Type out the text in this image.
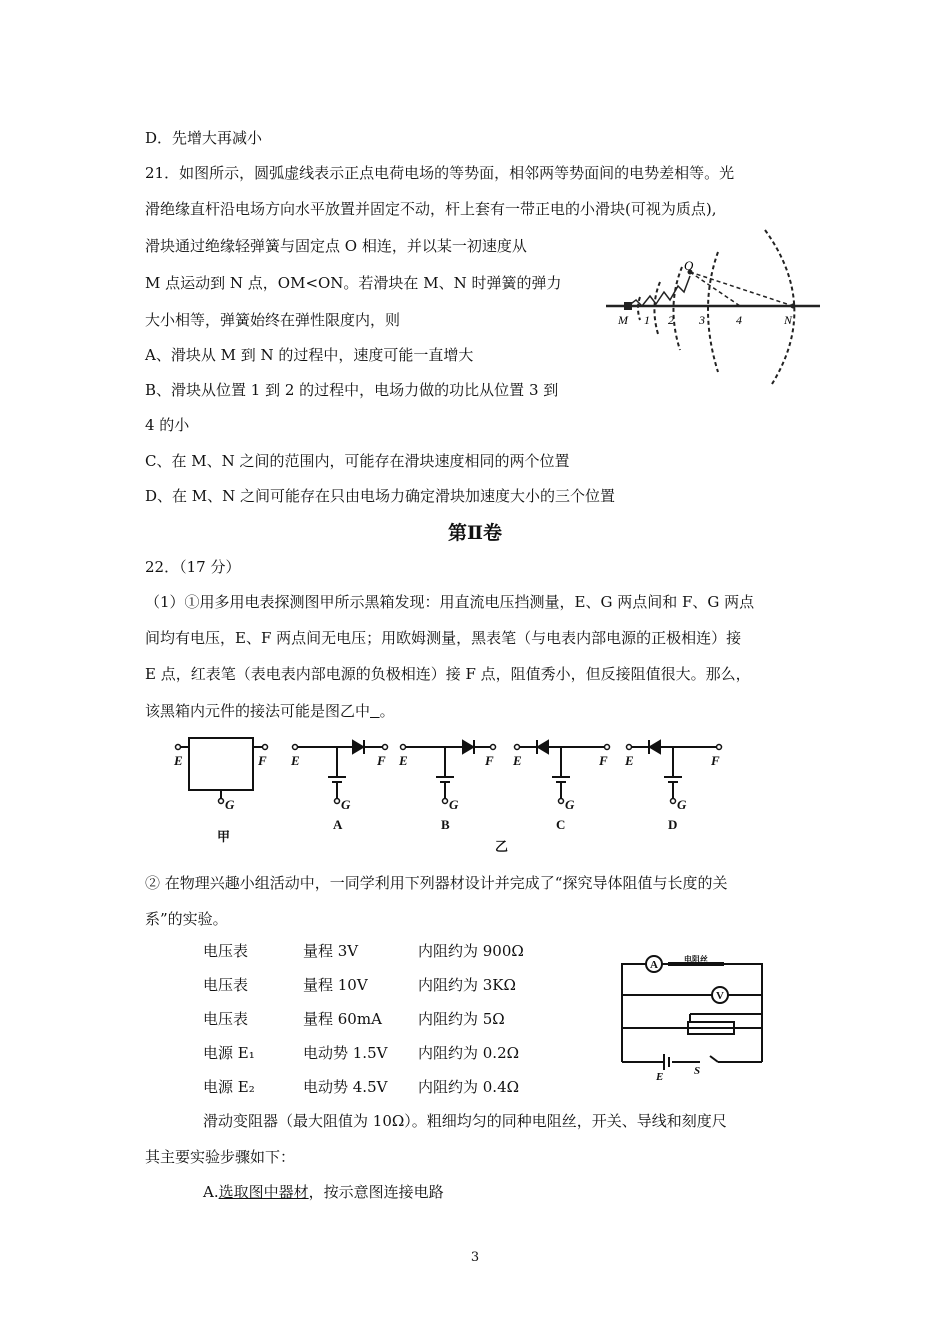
D．先增大再减小
21．如图所示，圆弧虚线表示正点电荷电场的等势面，相邻两等势面间的电势差相等。光
滑绝缘直杆沿电场方向水平放置并固定不动，杆上套有一带正电的小滑块(可视为质点),
滑块通过绝缘轻弹簧与固定点 O 相连，并以某一初速度从
M 点运动到 N 点，OM<ON。若滑块在 M、N 时弹簧的弹力
大小相等，弹簧始终在弹性限度内，则
A、滑块从 M 到 N 的过程中，速度可能一直增大
B、滑块从位置 1 到 2 的过程中，电场力做的功比从位置 3 到
4 的小
C、在 M、N 之间的范围内，可能存在滑块速度相同的两个位置
D、在 M、N 之间可能存在只由电场力确定滑块加速度大小的三个位置
O
M 1 2 3	4	N
第Ⅱ卷
22．（17 分）
（1）①用多用电表探测图甲所示黑箱发现：用直流电压挡测量，E、G 两点间和 F、G 两点
间均有电压，E、F 两点间无电压；用欧姆测量，黑表笔（与电表内部电源的正极相连）接
E 点，红表笔（表电表内部电源的负极相连）接 F 点，阻值秀小，但反接阻值很大。那么，
该黑箱内元件的接法可能是图乙中 。
E	F
G
E	F
G
E	F
G
E	F
G
E	F
G
甲
A	B	C	D
乙
② 在物理兴趣小组活动中，一同学利用下列器材设计并完成了“探究导体阻值与长度的关
系”的实验。
电压表	量程 3V	内阻约为 900Ω
电压表	量程 10V	内阻约为 3KΩ
电压表	量程 60mA 内阻约为 5Ω
电源 E₁	电动势 1.5V 内阻约为 0.2Ω
电源 E₂	电动势 4.5V 内阻约为 0.4Ω
A	电阻丝
V
E	S
滑动变阻器（最大阻值为 10Ω）。粗细均匀的同种电阻丝，开关、导线和刻度尺
其主要实验步骤如下：
A.选取图中器材，按示意图连接电路
3
